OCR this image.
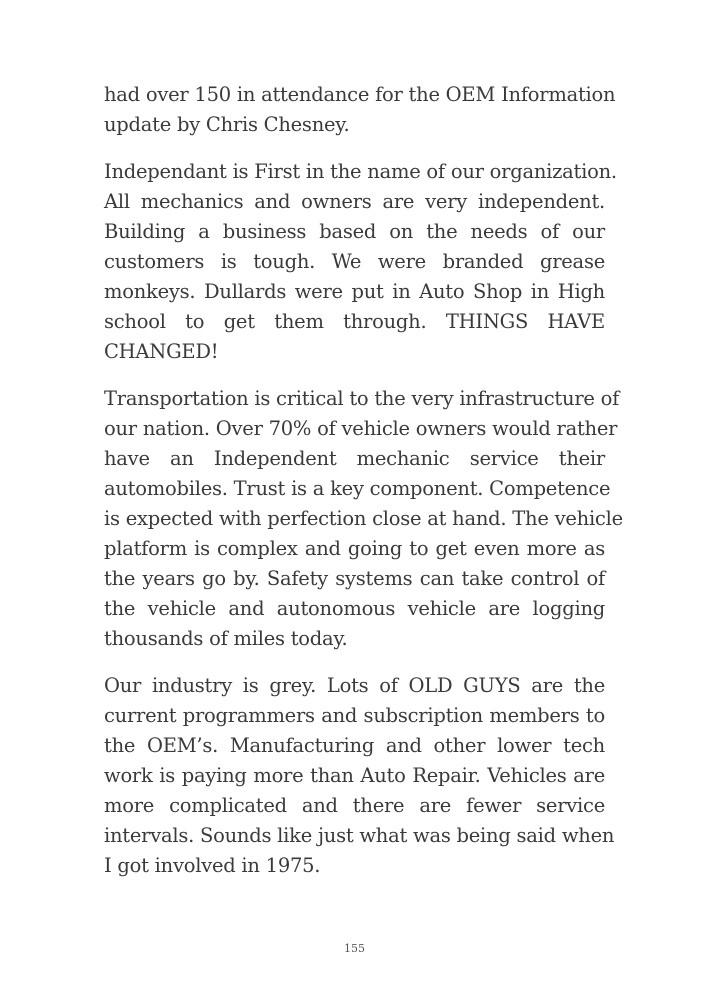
had over 150 in attendance for the OEM Information
update by Chris Chesney.

Independant is First in the name of our organization.
All mechanics and owners are very independent.
Building a business based on the needs of our
customers is tough. We were branded grease
monkeys. Dullards were put in Auto Shop in High
school to get them through. THINGS HAVE
CHANGED!

Transportation is critical to the very infrastructure of
our nation. Over 70% of vehicle owners would rather
have an Independent mechanic service their
automobiles. Trust is a key component. Competence
is expected with perfection close at hand. The vehicle
platform is complex and going to get even more as
the years go by. Safety systems can take control of
the vehicle and autonomous vehicle are logging
thousands of miles today.

Our industry is grey. Lots of OLD GUYS are the
current programmers and subscription members to
the OEM’s. Manufacturing and other lower tech
work is paying more than Auto Repair. Vehicles are
more complicated and there are fewer service
intervals. Sounds like just what was being said when
I got involved in 1975.

155
